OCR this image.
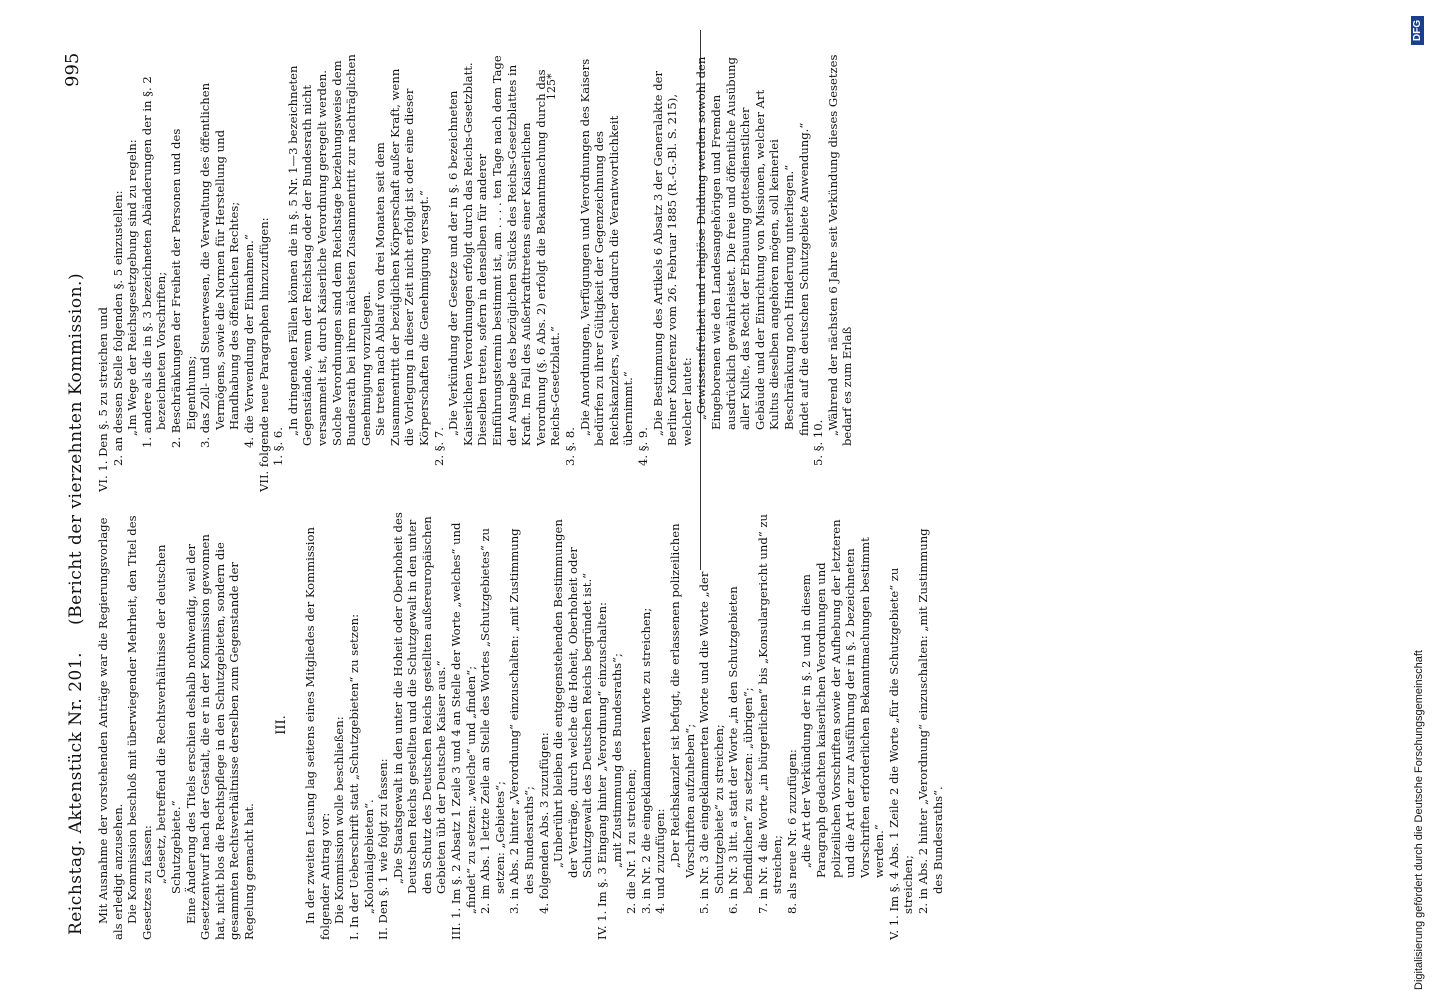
Reichstag. Aktenstück Nr. 201.
(Bericht der vierzehnten Kommission.)
995

Mit Ausnahme der vorstehenden Anträge war die Regierungsvorlage als erledigt anzusehen. Die Kommission beschloß mit überwiegender Mehrheit, den Titel des Gesetzes zu fassen: „Gesetz, betreffend die Rechtsverhältnisse der deutschen Schutzgebiete.“ Eine Änderung des Titels erschien deshalb nothwendig, weil der Gesetzentwurf nach der Gestalt, die er in der Kommission gewonnen hat, nicht blos die Rechtspflege in den Schutzgebieten, sondern die gesammten Rechtsverhältnisse derselben zum Gegenstande der Regelung gemacht hat.

III. In der zweiten Lesung lag seitens eines Mitgliedes der Kommission folgender Antrag vor: Die Kommission wolle beschließen: I. In der Ueberschrift statt „Schutzgebieten“ zu setzen: „Kolonialgebieten“. II. Den §. 1 wie folgt zu fassen: „Die Staatsgewalt in den unter die Hoheit oder Oberhoheit des Deutschen Reichs gestellten und die Schutzgewalt in den unter den Schutz des Deutschen Reichs gestellten außereuropäischen Gebieten übt der Deutsche Kaiser aus.“ III. 1. Im §. 2 Absatz 1 Zeile 3 und 4 an Stelle der Worte „welches“ und „findet“ zu setzen: „welche“ und „finden“; 2. im Abs. 1 letzte Zeile an Stelle des Wortes „Schutzgebietes“ zu setzen: „Gebietes“; 3. in Abs. 2 hinter „Verordnung“ einzuschalten: „mit Zustimmung des Bundesraths“; 4. folgenden Abs. 3 zuzufügen: „Unberührt bleiben die entgegenstehenden Bestimmungen der Verträge, durch welche die Hoheit, Oberhoheit oder Schutzgewalt des Deutschen Reichs begründet ist.“ IV. 1. Im §. 3 Eingang hinter „Verordnung“ einzuschalten: „mit Zustimmung des Bundesraths“; 2. die Nr. 1 zu streichen; 3. in Nr. 2 die eingeklammerten Worte zu streichen; 4. und zuzufügen: „Der Reichskanzler ist befugt, die erlassenen polizeilichen Vorschriften aufzuheben“; 5. in Nr. 3 die eingeklammerten Worte und die Worte „der Schutzgebiete“ zu streichen; 6. in Nr. 3 litt. a statt der Worte „in den Schutzgebieten befindlichen“ zu setzen: „übrigen“; 7. in Nr. 4 die Worte „in bürgerlichen“ bis „Konsulargericht und“ zu streichen; 8. als neue Nr. 6 zuzufügen: „die Art der Verkündung der in §. 2 und in diesem Paragraph gedachten kaiserlichen Verordnungen und polizeilichen Vorschriften sowie der Aufhebung der letzteren und die Art der zur Ausführung der in §. 2 bezeichneten Vorschriften erforderlichen Bekanntmachungen bestimmt werden.“ V. 1. Im §. 4 Abs. 1 Zeile 2 die Worte „für die Schutzgebiete“ zu streichen; 2. in Abs. 2 hinter „Verordnung“ einzuschalten: „mit Zustimmung des Bundesraths“.

VI. 1. Den §. 5 zu streichen und 2. an dessen Stelle folgenden §. 5 einzustellen: „Im Wege der Reichsgesetzgebung sind zu regeln: 1. andere als die in §. 3 bezeichneten Abänderungen der in §. 2 bezeichneten Vorschriften; 2. Beschränkungen der Freiheit der Personen und des Eigenthums; 3. das Zoll- und Steuerwesen, die Verwaltung des öffentlichen Vermögens, sowie die Normen für Herstellung und Handhabung des öffentlichen Rechtes; 4. die Verwendung der Einnahmen.“ VII. folgende neue Paragraphen hinzuzufügen: 1. §. 6.

„In dringenden Fällen können die in §. 5 Nr. 1—3 bezeichneten Gegenstände, wenn der Reichstag oder der Bundesrath nicht versammelt ist, durch Kaiserliche Verordnung geregelt werden. Solche Verordnungen sind dem Reichstage beziehungsweise dem Bundesrath bei ihrem nächsten Zusammentritt zur nachträglichen Genehmigung vorzulegen. Sie treten nach Ablauf von drei Monaten seit dem Zusammentritt der bezüglichen Körperschaft außer Kraft, wenn die Vorlegung in dieser Zeit nicht erfolgt ist oder eine dieser Körperschaften die Genehmigung versagt.“

2. §. 7.

„Die Verkündung der Gesetze und der in §. 6 bezeichneten Kaiserlichen Verordnungen erfolgt durch das Reichs-Gesetzblatt. Dieselben treten, sofern in denselben für anderer Einführungstermin bestimmt ist, am . . . . ten Tage nach dem Tage der Ausgabe des bezüglichen Stücks des Reichs-Gesetzblattes in Kraft. Im Fall des Außerkrafttretens einer Kaiserlichen Verordnung (§. 6 Abs. 2) erfolgt die Bekanntmachung durch das Reichs-Gesetzblatt.“

3. §. 8.

„Die Anordnungen, Verfügungen und Verordnungen des Kaisers bedürfen zu ihrer Gültigkeit der Gegenzeichnung des Reichskanzlers, welcher dadurch die Verantwortlichkeit übernimmt.“

4. §. 9.

„Die Bestimmung des Artikels 6 Absatz 3 der Generalakte der Berliner Konferenz vom 26. Februar 1885 (R.-G.-Bl. S. 215), welcher lautet: „Gewissensfreiheit und religiöse Duldung werden sowohl den Eingeborenen wie den Landesangehörigen und Fremden ausdrücklich gewährleistet. Die freie und öffentliche Ausübung aller Kulte, das Recht der Erbauung gottesdienstlicher Gebäude und der Einrichtung von Missionen, welcher Art Kultus dieselben angehören mögen, soll keinerlei Beschränkung noch Hinderung unterliegen.“ findet auf die deutschen Schutzgebiete Anwendung.“

5. §. 10.

„Während der nächsten 6 Jahre seit Verkündung dieses Gesetzes bedarf es zum Erlaß

125*
Digitalisierung gefördert durch die Deutsche Forschungsgemeinschaft
DFG
